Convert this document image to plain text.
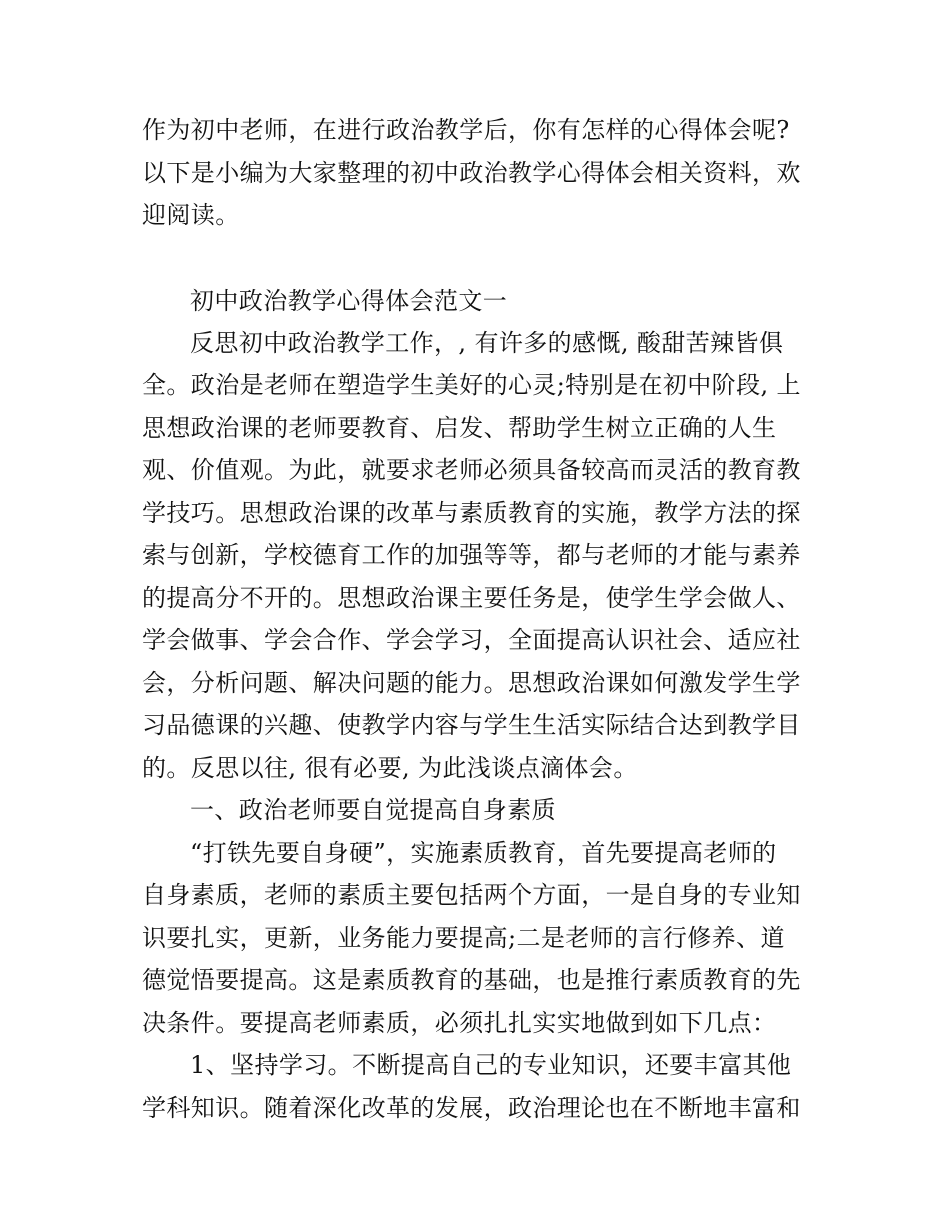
作为初中老师，在进行政治教学后，你有怎样的心得体会呢?
以下是小编为大家整理的初中政治教学心得体会相关资料，欢
迎阅读。
初中政治教学心得体会范文一
反思初中政治教学工作，, 有许多的感慨, 酸甜苦辣皆俱
全。政治是老师在塑造学生美好的心灵;特别是在初中阶段, 上
思想政治课的老师要教育、启发、帮助学生树立正确的人生
观、价值观。为此，就要求老师必须具备较高而灵活的教育教
学技巧。思想政治课的改革与素质教育的实施，教学方法的探
索与创新，学校德育工作的加强等等，都与老师的才能与素养
的提高分不开的。思想政治课主要任务是，使学生学会做人、
学会做事、学会合作、学会学习，全面提高认识社会、适应社
会，分析问题、解决问题的能力。思想政治课如何激发学生学
习品德课的兴趣、使教学内容与学生生活实际结合达到教学目
的。反思以往, 很有必要, 为此浅谈点滴体会。
一、政治老师要自觉提高自身素质
“打铁先要自身硬”，实施素质教育，首先要提高老师的
自身素质，老师的素质主要包括两个方面，一是自身的专业知
识要扎实，更新，业务能力要提高;二是老师的言行修养、道
德觉悟要提高。这是素质教育的基础，也是推行素质教育的先
决条件。要提高老师素质，必须扎扎实实地做到如下几点：
1、坚持学习。不断提高自己的专业知识，还要丰富其他
学科知识。随着深化改革的发展，政治理论也在不断地丰富和
